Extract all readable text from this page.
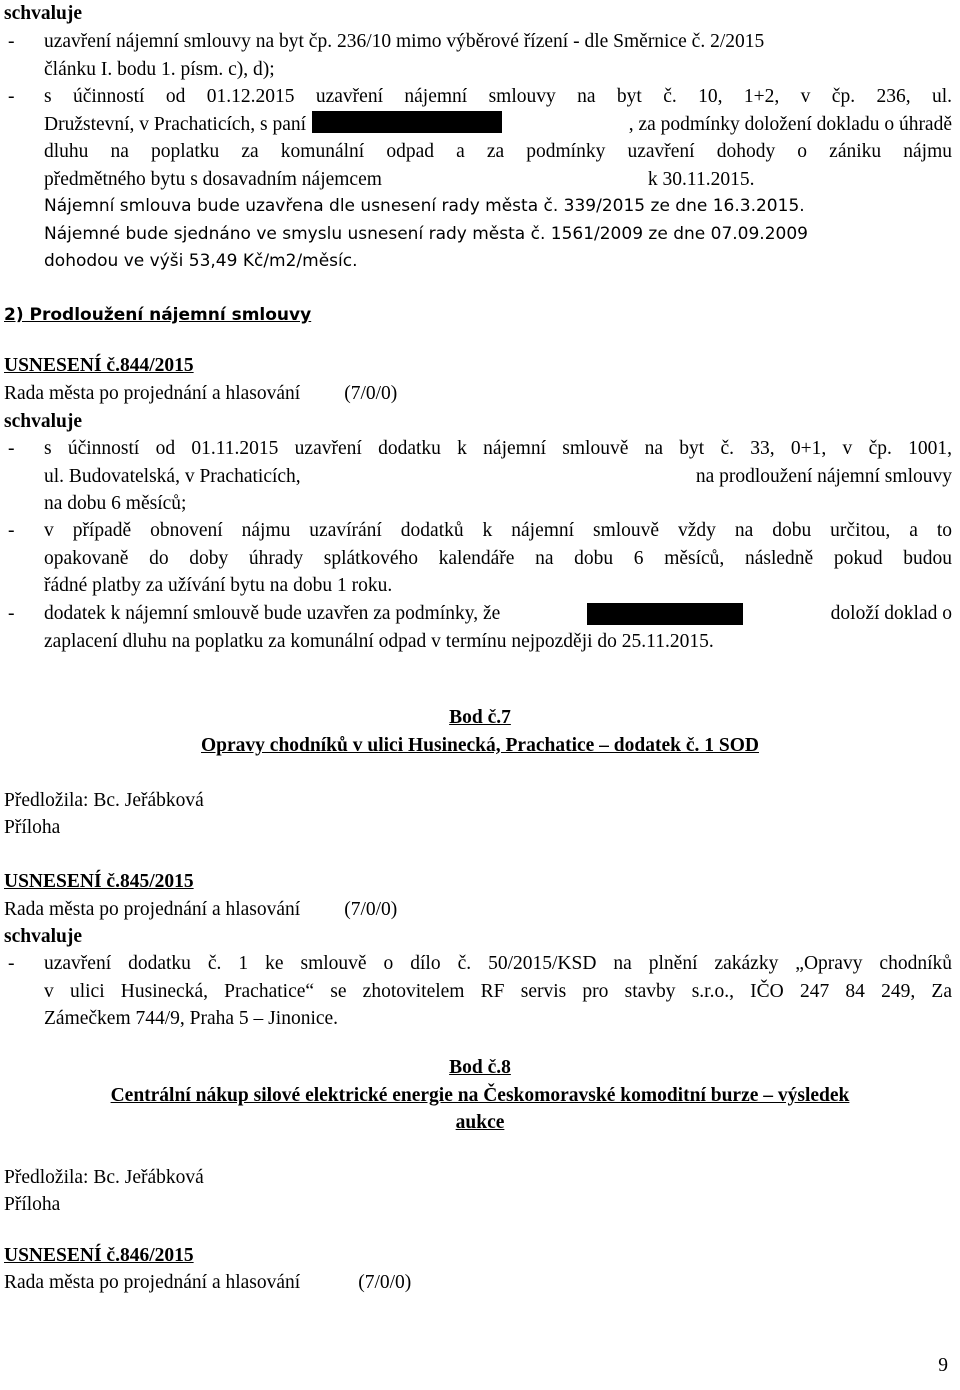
schvaluje
- uzavření nájemní smlouvy na byt čp. 236/10 mimo výběrové řízení - dle Směrnice č. 2/2015
článku I. bodu 1. písm. c), d);
- s účinností od 01.12.2015 uzavření nájemní smlouvy na byt č. 10, 1+2, v čp. 236, ul.
Družstevní, v Prachaticích, s paní	, za podmínky doložení dokladu o úhradě
dluhu na poplatku za komunální odpad a za podmínky uzavření dohody o zániku nájmu
předmětného bytu s dosavadním nájemcem	k 30.11.2015.
Nájemní smlouva bude uzavřena dle usnesení rady města č. 339/2015 ze dne 16.3.2015.
Nájemné bude sjednáno ve smyslu usnesení rady města č. 1561/2009 ze dne 07.09.2009
dohodou ve výši 53,49 Kč/m2/měsíc.
2) Prodloužení nájemní smlouvy
USNESENÍ č.844/2015
Rada města po projednání a hlasování (7/0/0)
schvaluje
- s účinností od 01.11.2015 uzavření dodatku k nájemní smlouvě na byt č. 33, 0+1, v čp. 1001,
ul. Budovatelská, v Prachaticích,	na prodloužení nájemní smlouvy
na dobu 6 měsíců;
- v případě obnovení nájmu uzavírání dodatků k nájemní smlouvě vždy na dobu určitou, a to
opakovaně do doby úhrady splátkového kalendáře na dobu 6 měsíců, následně pokud budou
řádné platby za užívání bytu na dobu 1 roku.
- dodatek k nájemní smlouvě bude uzavřen za podmínky, že	doloží doklad o
zaplacení dluhu na poplatku za komunální odpad v termínu nejpozději do 25.11.2015.
Bod č.7
Opravy chodníků v ulici Husinecká, Prachatice – dodatek č. 1 SOD
Předložila: Bc. Jeřábková
Příloha
USNESENÍ č.845/2015
Rada města po projednání a hlasování (7/0/0)
schvaluje
- uzavření dodatku č. 1 ke smlouvě o dílo č. 50/2015/KSD na plnění zakázky „Opravy chodníků
v ulici Husinecká, Prachatice“ se zhotovitelem RF servis pro stavby s.r.o., IČO 247 84 249, Za
Zámečkem 744/9, Praha 5 – Jinonice.
Bod č.8
Centrální nákup silové elektrické energie na Českomoravské komoditní burze – výsledek
aukce
Předložila: Bc. Jeřábková
Příloha
USNESENÍ č.846/2015
Rada města po projednání a hlasování	(7/0/0)
9
